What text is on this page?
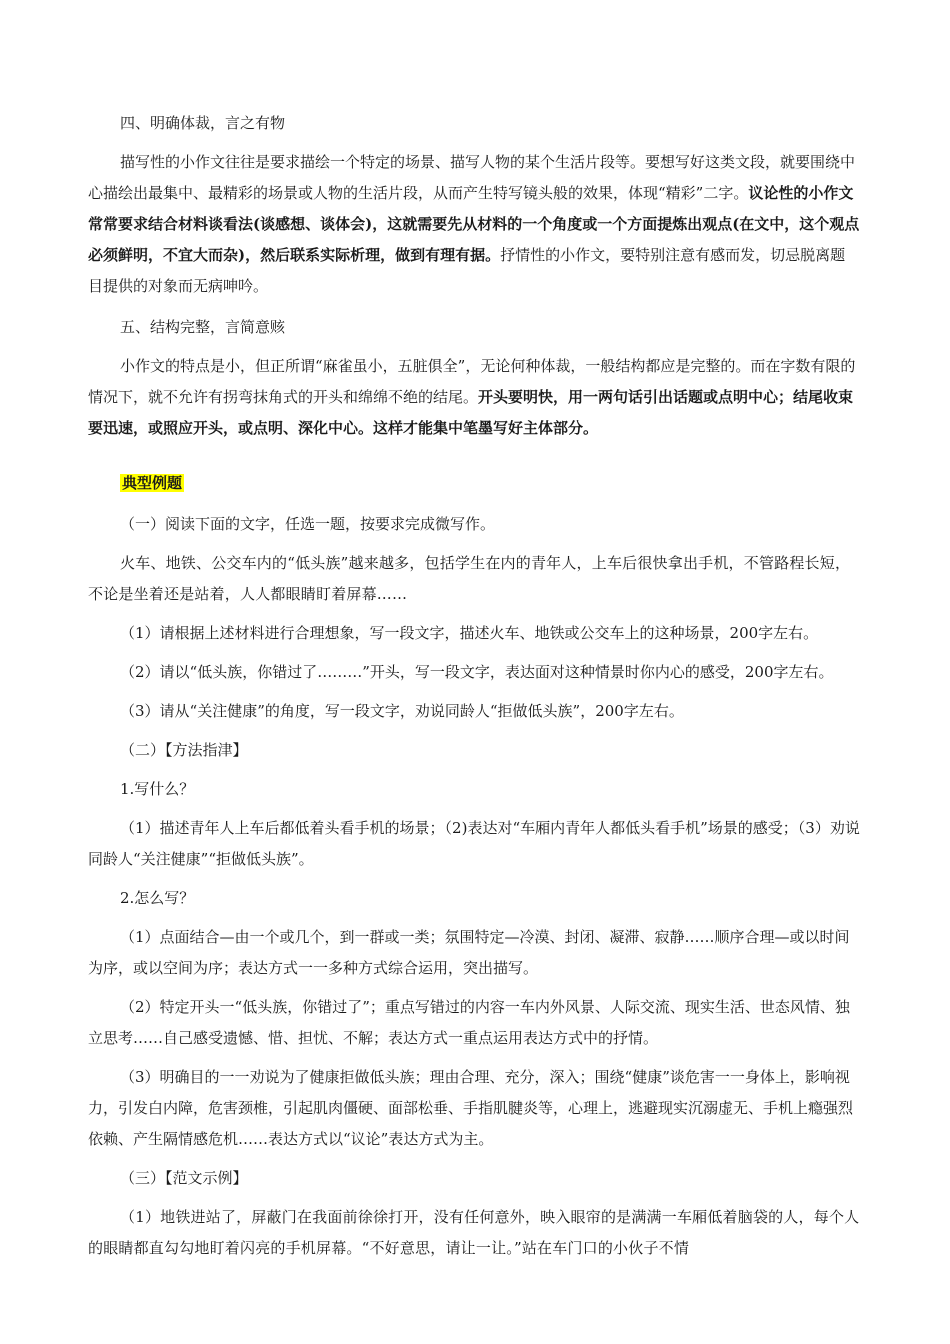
四、明确体裁，言之有物

描写性的小作文往往是要求描绘一个特定的场景、描写人物的某个生活片段等。要想写好这类文段，就要围绕中心描绘出最集中、最精彩的场景或人物的生活片段，从而产生特写镜头般的效果，体现“精彩”二字。议论性的小作文常常要求结合材料谈看法(谈感想、谈体会)，这就需要先从材料的一个角度或一个方面提炼出观点(在文中，这个观点必须鲜明，不宜大而杂)，然后联系实际析理，做到有理有据。抒情性的小作文，要特别注意有感而发，切忌脱离题目提供的对象而无病呻吟。

五、结构完整，言简意赅

小作文的特点是小，但正所谓“麻雀虽小，五脏俱全”，无论何种体裁，一般结构都应是完整的。而在字数有限的情况下，就不允许有拐弯抹角式的开头和绵绵不绝的结尾。开头要明快，用一两句话引出话题或点明中心；结尾收束要迅速，或照应开头，或点明、深化中心。这样才能集中笔墨写好主体部分。

典型例题

（一）阅读下面的文字，任选一题，按要求完成微写作。

火车、地铁、公交车内的“低头族”越来越多，包括学生在内的青年人，上车后很快拿出手机，不管路程长短，不论是坐着还是站着，人人都眼睛盯着屏幕……

（1）请根据上述材料进行合理想象，写一段文字，描述火车、地铁或公交车上的这种场景，200字左右。

（2）请以“低头族，你错过了………”开头，写一段文字，表达面对这种情景时你内心的感受，200字左右。

（3）请从“关注健康”的角度，写一段文字，劝说同龄人“拒做低头族”，200字左右。

（二）【方法指津】

1.写什么？

（1）描述青年人上车后都低着头看手机的场景；（2)表达对“车厢内青年人都低头看手机”场景的感受；（3）劝说同龄人“关注健康”“拒做低头族”。

2.怎么写？

（1）点面结合—由一个或几个，到一群或一类；氛围特定—冷漠、封闭、凝滞、寂静……顺序合理—或以时间为序，或以空间为序；表达方式一一多种方式综合运用，突出描写。

（2）特定开头一“低头族，你错过了”；重点写错过的内容一车内外风景、人际交流、现实生活、世态风情、独立思考……自己感受遗憾、惜、担忧、不解；表达方式一重点运用表达方式中的抒情。

（3）明确目的一一劝说为了健康拒做低头族；理由合理、充分，深入；围绕“健康”谈危害一一身体上，影响视力，引发白内障，危害颈椎，引起肌肉僵硬、面部松垂、手指肌腱炎等，心理上，逃避现实沉溺虚无、手机上瘾强烈依赖、产生隔情感危机……表达方式以“议论”表达方式为主。

（三）【范文示例】

（1）地铁进站了，屏蔽门在我面前徐徐打开，没有任何意外，映入眼帘的是满满一车厢低着脑袋的人，每个人的眼睛都直勾勾地盯着闪亮的手机屏幕。“不好意思，请让一让。”站在车门口的小伙子不情
